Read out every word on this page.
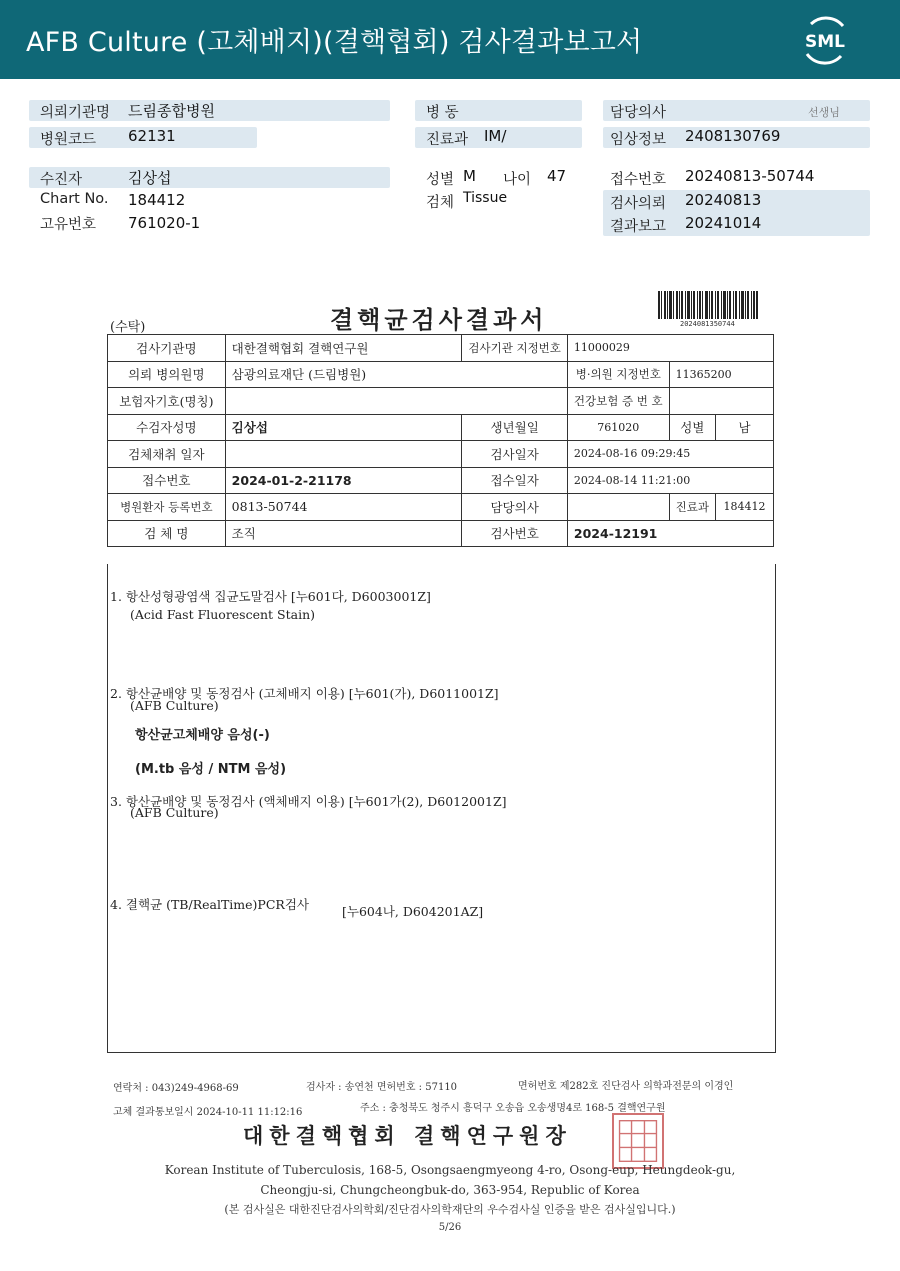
AFB Culture (고체배지)(결핵협회) 검사결과보고서	SML
의뢰기관명 드림종합병원	병 동	담당의사	선생님
병원코드 62131	진료과 IM/	임상정보 2408130769
수진자	김상섭	성별 M 나이 47	접수번호 20240813-50744
Chart No. 184412	검체 Tissue	검사의뢰 20240813
고유번호 761020-1	결과보고 20241014
(수탁)	결핵균검사결과서	2024081350744
검사기관명	대한결핵협회 결핵연구원	검사기관 지정번호	11000029		
의뢰 병의원명	삼광의료재단 (드림병원)		병·의원 지정번호	11365200	
보험자기호(명칭)			건강보험 증 번 호		
수검자성명	김상섭	생년월일	761020	성별	남
검체채취 일자		검사일자	2024-08-16 09:29:45		
접수번호	2024-01-2-21178	접수일자	2024-08-14 11:21:00		
병원환자 등록번호	0813-50744	담당의사		진료과	184412
검 체 명	조직	검사번호	2024-12191		
1. 항산성형광염색 집균도말검사 [누601다, D6003001Z]
(Acid Fast Fluorescent Stain)
2. 항산균배양 및 동정검사 (고체배지 이용) [누601(가), D6011001Z]
(AFB Culture)
항산균고체배양 음성(-)
(M.tb 음성 / NTM 음성)
3. 항산균배양 및 동정검사 (액체배지 이용) [누601가(2), D6012001Z]
(AFB Culture)
4. 결핵균 (TB/RealTime)PCR검사	[누604나, D604201AZ]
연락처 : 043)249-4968-69	검사자 : 송연천 면허번호 : 57110	면허번호 제282호 진단검사 의학과전문의 이경인
고체 결과통보일시 2024-10-11 11:12:16	주소 : 충청북도 청주시 흥덕구 오송읍 오송생명4로 168-5 결핵연구원
대한결핵협회 결핵연구원장
Korean Institute of Tuberculosis, 168-5, Osongsaengmyeong 4-ro, Osong-eup, Heungdeok-gu,
Cheongju-si, Chungcheongbuk-do, 363-954, Republic of Korea
(본 검사실은 대한진단검사의학회/진단검사의학재단의 우수검사실 인증을 받은 검사실입니다.)
5/26
